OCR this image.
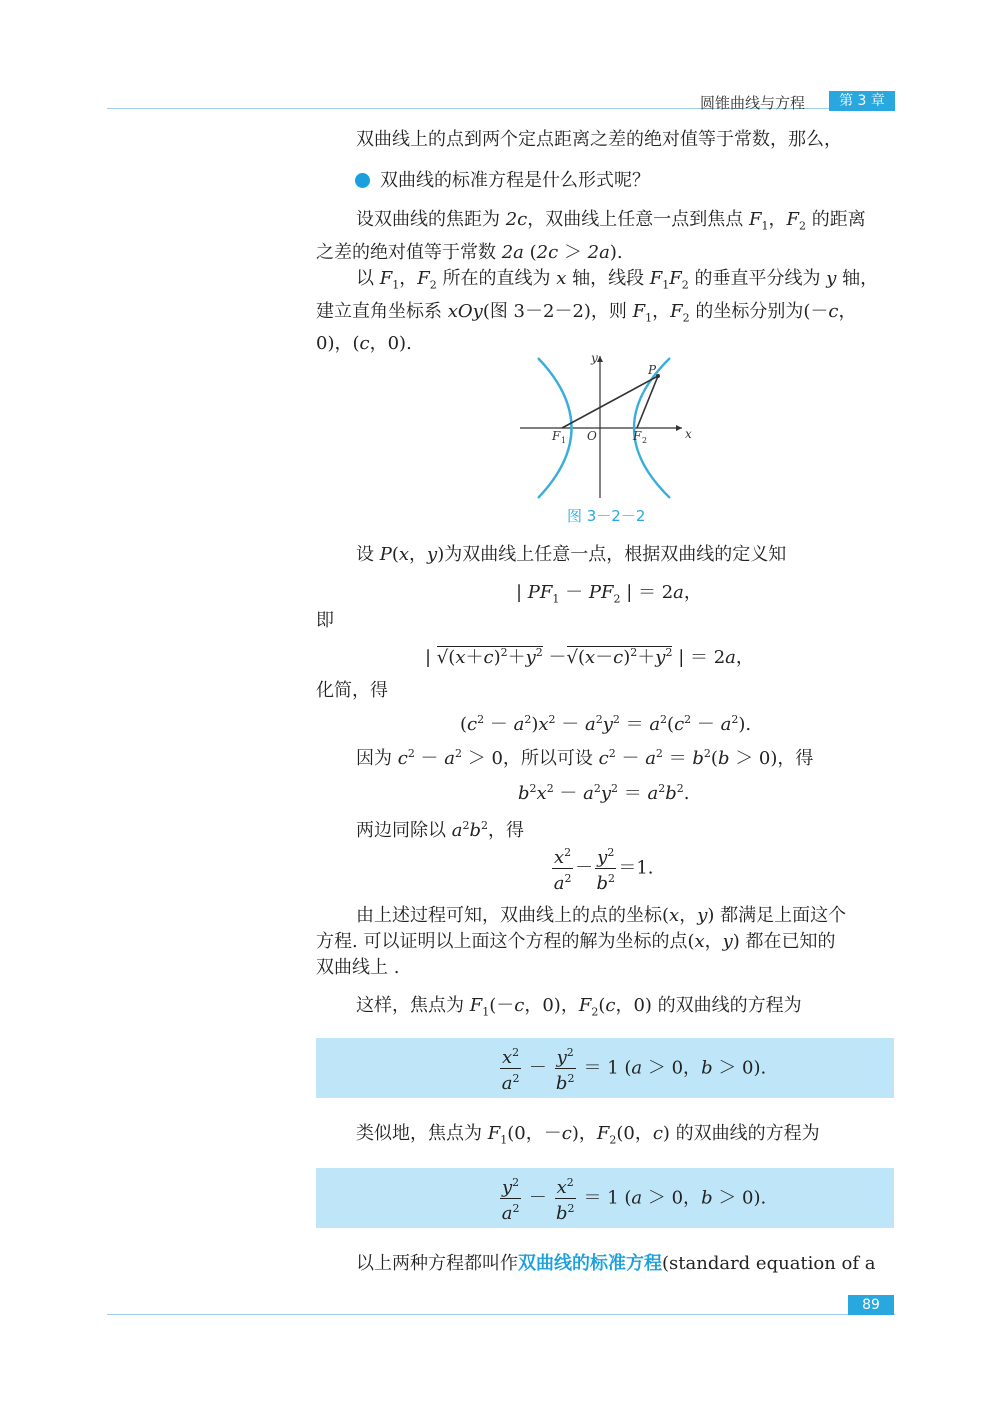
圆锥曲线与方程	第 3 章
双曲线上的点到两个定点距离之差的绝对值等于常数，那么，
双曲线的标准方程是什么形式呢？
设双曲线的焦距为 2c，双曲线上任意一点到焦点 $F_1$，$F_2$ 的距离
之差的绝对值等于常数 2a (2c ＞ 2a).
以 $F_1$，$F_2$ 所在的直线为 x 轴，线段 $F_1F_2$ 的垂直平分线为 y 轴，
建立直角坐标系 xOy(图 3－2－2)，则 $F_1$，$F_2$ 的坐标分别为(－c，
0)，(c，0).
y
x
P
O
F 1	F 2
图 3－2－2
设 P(x，y)为双曲线上任意一点，根据双曲线的定义知
| $PF_1 - PF_2$ | ＝ 2a，
即
| $√(x+c)^2+y^2 -√(x-c)^2+y^2$ | ＝ 2a，
化简，得
$(c^2 - a^2)x^2 - a^2y^2 = a^2(c^2 - a^2)$.
因为 $c^2 - a^2 > 0$，所以可设 $c^2 - a^2 = b^2(b > 0)$，得
$b^2x^2 - a^2y^2 = a^2b^2$.
两边同除以 $a^2b^2$，得
$\frac{x^2}{a^2} - \frac{y^2}{b^2} =1$.
由上述过程可知，双曲线上的点的坐标(x，y) 都满足上面这个
方程. 可以证明以上面这个方程的解为坐标的点(x，y) 都在已知的
双曲线上 .
这样，焦点为 $F_1(-c$，0)，$F_2(c$，0) 的双曲线的方程为
$\frac{x^2}{a^2} - \frac{y^2}{b^2} = 1$ (a ＞ 0，b ＞ 0).
类似地，焦点为 $F_1(0$，－c)，$F_2(0$，c) 的双曲线的方程为
$\frac{y^2}{a^2} - \frac{x^2}{b^2} = 1$ (a ＞ 0，b ＞ 0).
以上两种方程都叫作双曲线的标准方程(standard equation of a
89
